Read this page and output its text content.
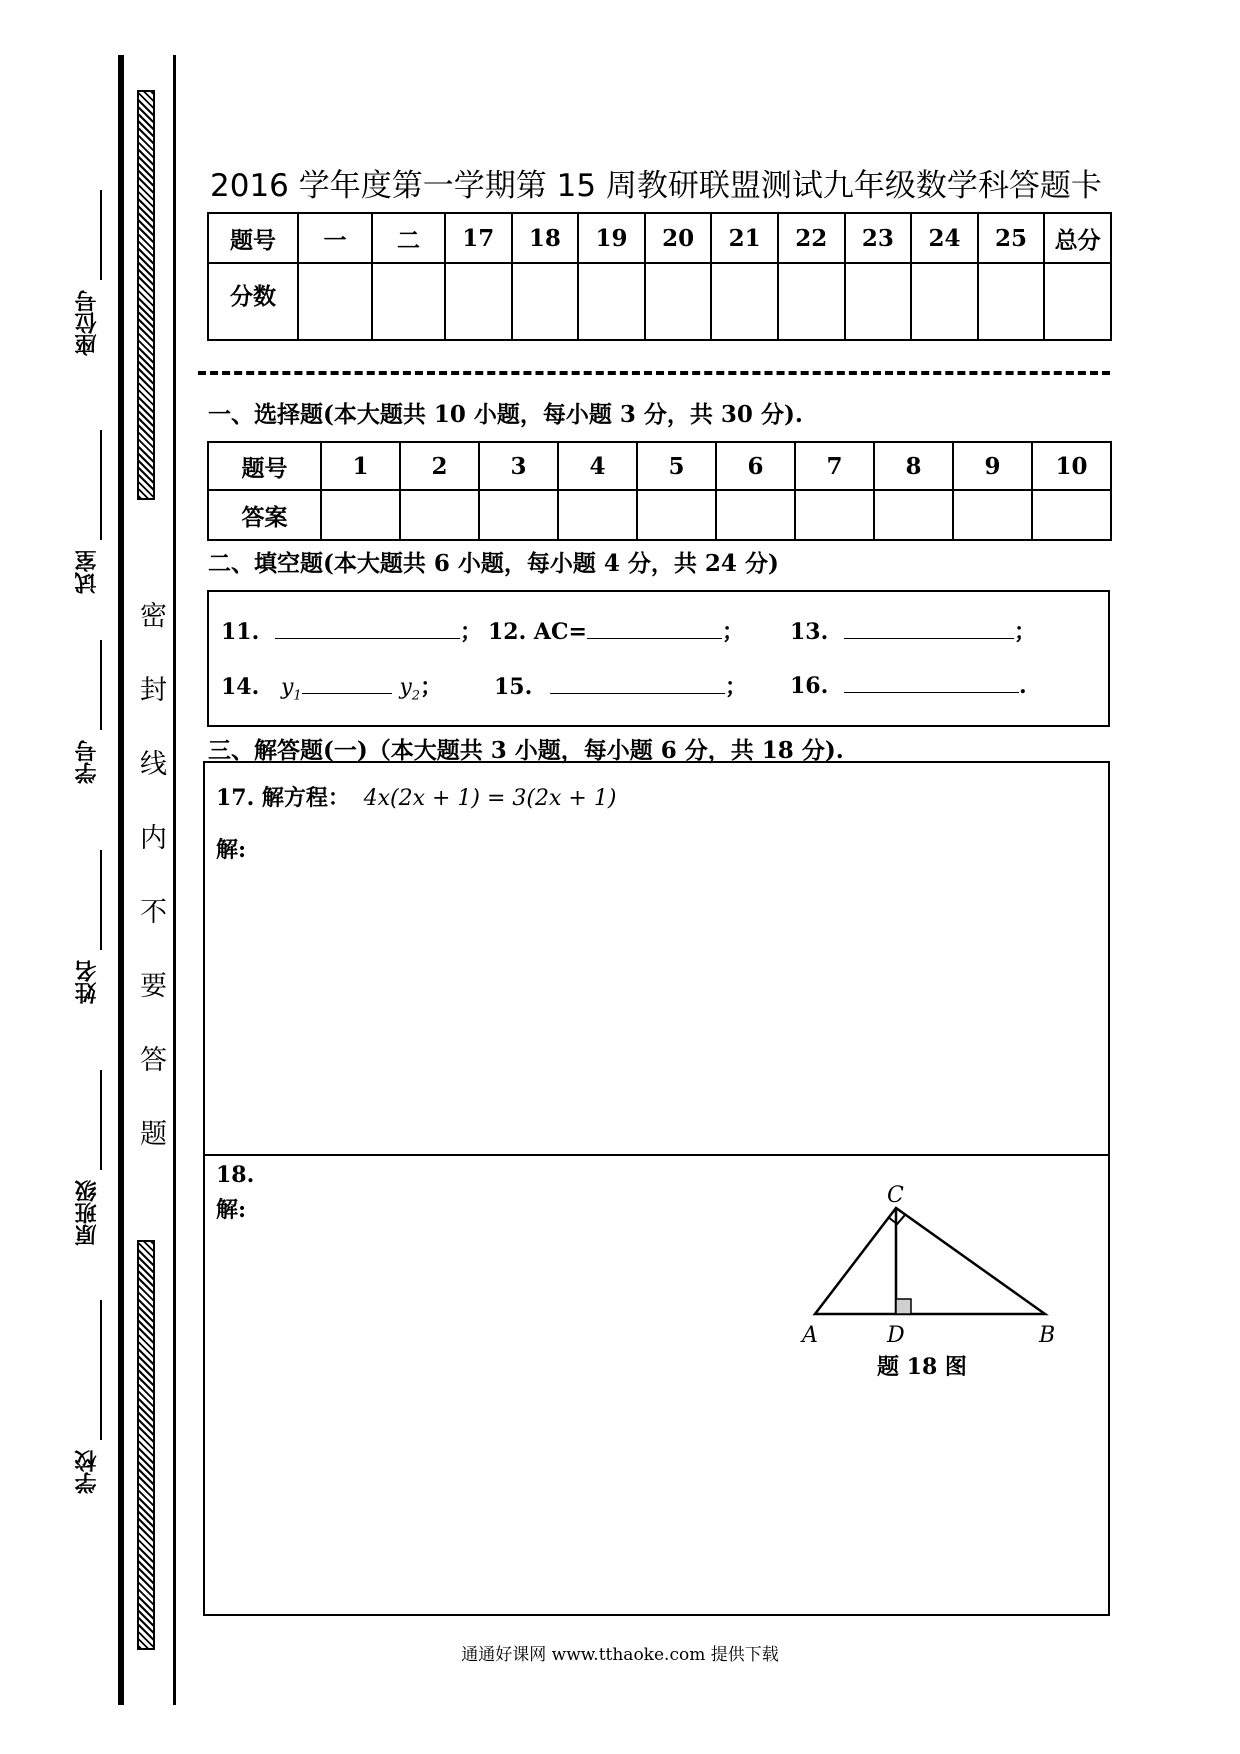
座位号
试室
学号
姓名
原班级
学校
密
封
线
内
不
要
答
题
2016 学年度第一学期第 15 周教研联盟测试九年级数学科答题卡
题号	一	二	17	18	19	20	21	22	23	24	25	总分
分数												
一、选择题(本大题共 10 小题，每小题 3 分，共 30 分).
题号	1	2	3	4	5	6	7	8	9	10
答案										
二、填空题(本大题共 6 小题，每小题 4 分，共 24 分)
11.	； 12. AC=	； 13.	；
14. $y_1$	$y_2$； 15.	； 16.	.
三、解答题(一)（本大题共 3 小题，每小题 6 分，共 18 分).
17. 解方程： 4x(2x + 1) = 3(2x + 1)
解:
18.
解:
C
A	D	B
题 18 图
通通好课网 www.tthaoke.com 提供下载
